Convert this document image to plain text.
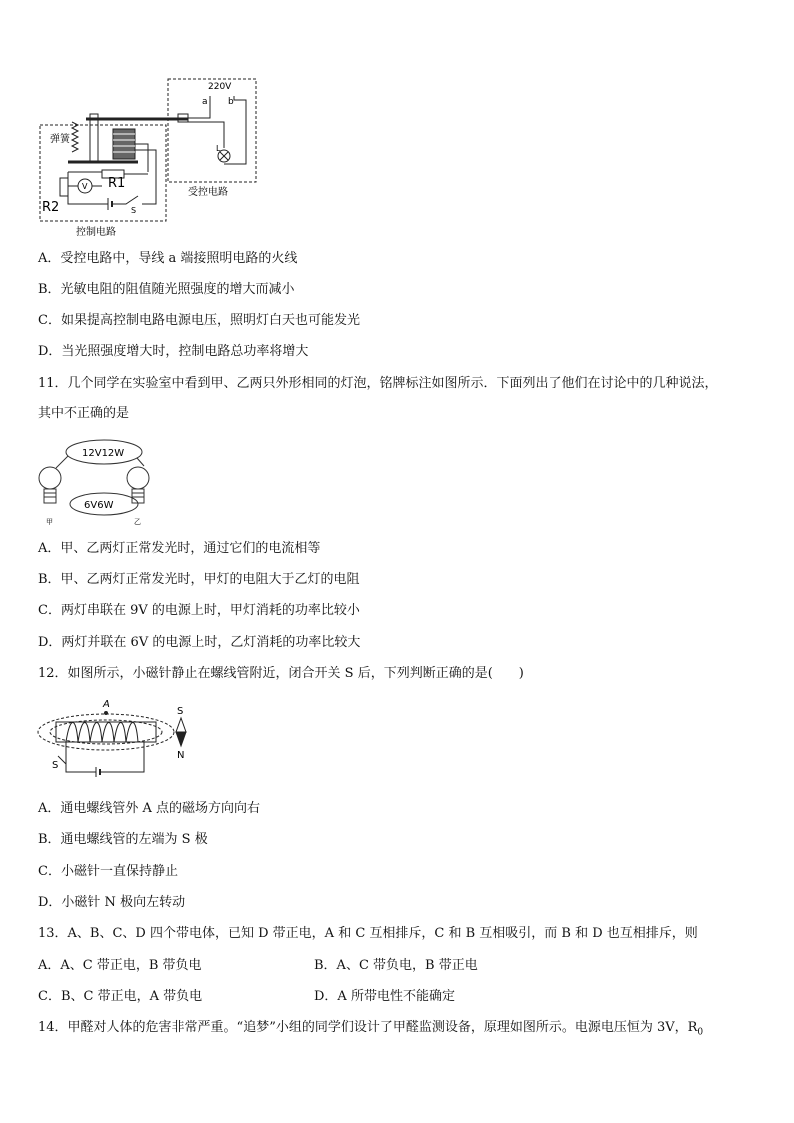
220V
a b
L
弹簧
R1
R2	S
V
受控电路
控制电路
A．受控电路中，导线 a 端接照明电路的火线
B．光敏电阻的阻值随光照强度的增大而减小
C．如果提高控制电路电源电压，照明灯白天也可能发光
D．当光照强度增大时，控制电路总功率将增大
11．几个同学在实验室中看到甲、乙两只外形相同的灯泡，铭牌标注如图所示．下面列出了他们在讨论中的几种说法，
其中不正确的是
12V12W
6V6W
甲	乙
A．甲、乙两灯正常发光时，通过它们的电流相等
B．甲、乙两灯正常发光时，甲灯的电阻大于乙灯的电阻
C．两灯串联在 9V 的电源上时，甲灯消耗的功率比较小
D．两灯并联在 6V 的电源上时，乙灯消耗的功率比较大
12．如图所示，小磁针静止在螺线管附近，闭合开关 S 后，下列判断正确的是(　　)
A
S
N
S
A．通电螺线管外 A 点的磁场方向向右
B．通电螺线管的左端为 S 极
C．小磁针一直保持静止
D．小磁针 N 极向左转动
13．A、B、C、D 四个带电体，已知 D 带正电，A 和 C 互相排斥，C 和 B 互相吸引，而 B 和 D 也互相排斥，则
A．A、C 带正电，B 带负电	B．A、C 带负电，B 带正电
C．B、C 带正电，A 带负电	D．A 所带电性不能确定
14．甲醛对人体的危害非常严重。“追梦”小组的同学们设计了甲醛监测设备，原理如图所示。电源电压恒为 3V，$R_0$
